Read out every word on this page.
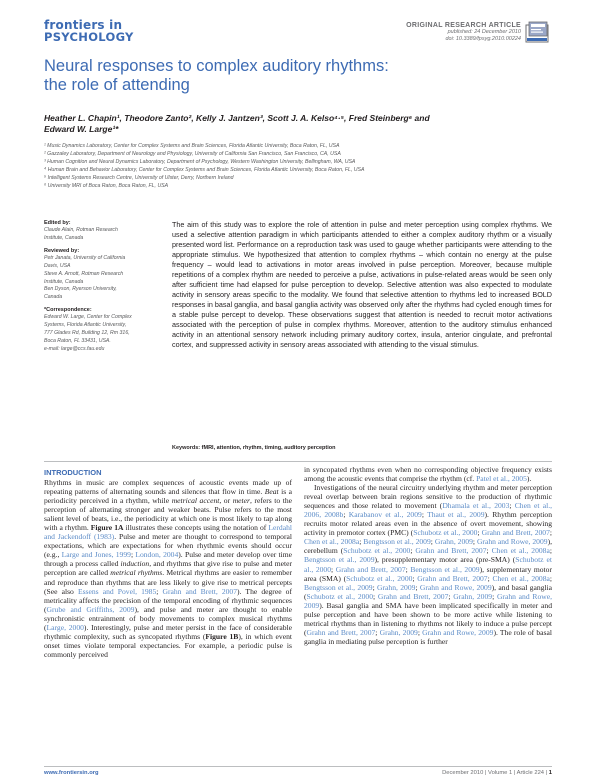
frontiers in
PSYCHOLOGY
ORIGINAL RESEARCH ARTICLE
published: 24 December 2010
doi: 10.3389/fpsyg.2010.00224
Neural responses to complex auditory rhythms:
the role of attending
Heather L. Chapin¹, Theodore Zanto², Kelly J. Jantzen³, Scott J. A. Kelso⁴·⁵, Fred Steinberg⁶ and
Edward W. Large¹*
¹ Music Dynamics Laboratory, Center for Complex Systems and Brain Sciences, Florida Atlantic University, Boca Raton, FL, USA
² Gazzaley Laboratory, Department of Neurology and Physiology, University of California San Francisco, San Francisco, CA, USA
³ Human Cognition and Neural Dynamics Laboratory, Department of Psychology, Western Washington University, Bellingham, WA, USA
⁴ Human Brain and Behavior Laboratory, Center for Complex Systems and Brain Sciences, Florida Atlantic University, Boca Raton, FL, USA
⁵ Intelligent Systems Research Centre, University of Ulster, Derry, Northern Ireland
⁶ University MRI of Boca Raton, Boca Raton, FL, USA
Edited by:
Claude Alain, Rotman Research
Institute, Canada
Reviewed by:
Petr Janata, University of California
Davis, USA
Steve A. Arnott, Rotman Research
Institute, Canada
Ben Dyson, Ryerson University,
Canada
*Correspondence:
Edward W. Large, Center for Complex
Systems, Florida Atlantic University,
777 Glades Rd, Building 12, Rm 316,
Boca Raton, FL 33431, USA.
e-mail: large@ccs.fau.edu
The aim of this study was to explore the role of attention in pulse and meter perception using complex rhythms. We used a selective attention paradigm in which participants attended to either a complex auditory rhythm or a visually presented word list. Performance on a reproduction task was used to gauge whether participants were attending to the appropriate stimulus. We hypothesized that attention to complex rhythms – which contain no energy at the pulse frequency – would lead to activations in motor areas involved in pulse perception. Moreover, because multiple repetitions of a complex rhythm are needed to perceive a pulse, activations in pulse-related areas would be seen only after sufficient time had elapsed for pulse perception to develop. Selective attention was also expected to modulate activity in sensory areas specific to the modality. We found that selective attention to rhythms led to increased BOLD responses in basal ganglia, and basal ganglia activity was observed only after the rhythms had cycled enough times for a stable pulse percept to develop. These observations suggest that attention is needed to recruit motor activations associated with the perception of pulse in complex rhythms. Moreover, attention to the auditory stimulus enhanced activity in an attentional sensory network including primary auditory cortex, insula, anterior cingulate, and prefrontal cortex, and suppressed activity in sensory areas associated with attending to the visual stimulus.
Keywords: fMRI, attention, rhythm, timing, auditory perception
INTRODUCTION

Rhythms in music are complex sequences of acoustic events made up of repeating patterns of alternating sounds and silences that flow in time. Beat is a periodicity perceived in a rhythm, while metrical accent, or meter, refers to the perception of alternating stronger and weaker beats. Pulse refers to the most salient level of beats, i.e., the periodicity at which one is most likely to tap along with a rhythm. Figure 1A illustrates these concepts using the notation of Lerdahl and Jackendoff (1983). Pulse and meter are thought to correspond to temporal expectations, which are expectations for when rhythmic events should occur (e.g., Large and Jones, 1999; London, 2004). Pulse and meter develop over time through a process called induction, and rhythms that give rise to pulse and meter perception are called metrical rhythms. Metrical rhythms are easier to remember and reproduce than rhythms that are less likely to give rise to metrical percepts (See also Essens and Povel, 1985; Grahn and Brett, 2007). The degree of metricality affects the precision of the temporal encoding of rhythmic sequences (Grube and Griffiths, 2009), and pulse and meter are thought to enable synchronistic entrainment of body movements to complex musical rhythms (Large, 2000). Interestingly, pulse and meter persist in the face of considerable rhythmic complexity, such as syncopated rhythms (Figure 1B), in which event onset times violate temporal expectancies. For example, a periodic pulse is commonly perceived

in syncopated rhythms even when no corresponding objective frequency exists among the acoustic events that comprise the rhythm (cf. Patel et al., 2005).

Investigations of the neural circuitry underlying rhythm and meter perception reveal overlap between brain regions sensitive to the production of rhythmic sequences and those related to movement (Dhamala et al., 2003; Chen et al., 2006, 2008b; Karabanov et al., 2009; Thaut et al., 2009). Rhythm perception recruits motor related areas even in the absence of overt movement, showing activity in premotor cortex (PMC) (Schubotz et al., 2000; Grahn and Brett, 2007; Chen et al., 2008a; Bengtsson et al., 2009; Grahn, 2009; Grahn and Rowe, 2009), cerebellum (Schubotz et al., 2000; Grahn and Brett, 2007; Chen et al., 2008a; Bengtsson et al., 2009), presupplementary motor area (pre-SMA) (Schubotz et al., 2000; Grahn and Brett, 2007; Bengtsson et al., 2009), supplementary motor area (SMA) (Schubotz et al., 2000; Grahn and Brett, 2007; Chen et al., 2008a; Bengtsson et al., 2009; Grahn, 2009; Grahn and Rowe, 2009), and basal ganglia (Schubotz et al., 2000; Grahn and Brett, 2007; Grahn, 2009; Grahn and Rowe, 2009). Basal ganglia and SMA have been implicated specifically in meter and pulse perception and have been shown to be more active while listening to metrical rhythms than in listening to rhythms not likely to induce a pulse percept (Grahn and Brett, 2007; Grahn, 2009; Grahn and Rowe, 2009). The role of basal ganglia in mediating pulse perception is further

www.frontiersin.org	December 2010 | Volume 1 | Article 224 | 1
